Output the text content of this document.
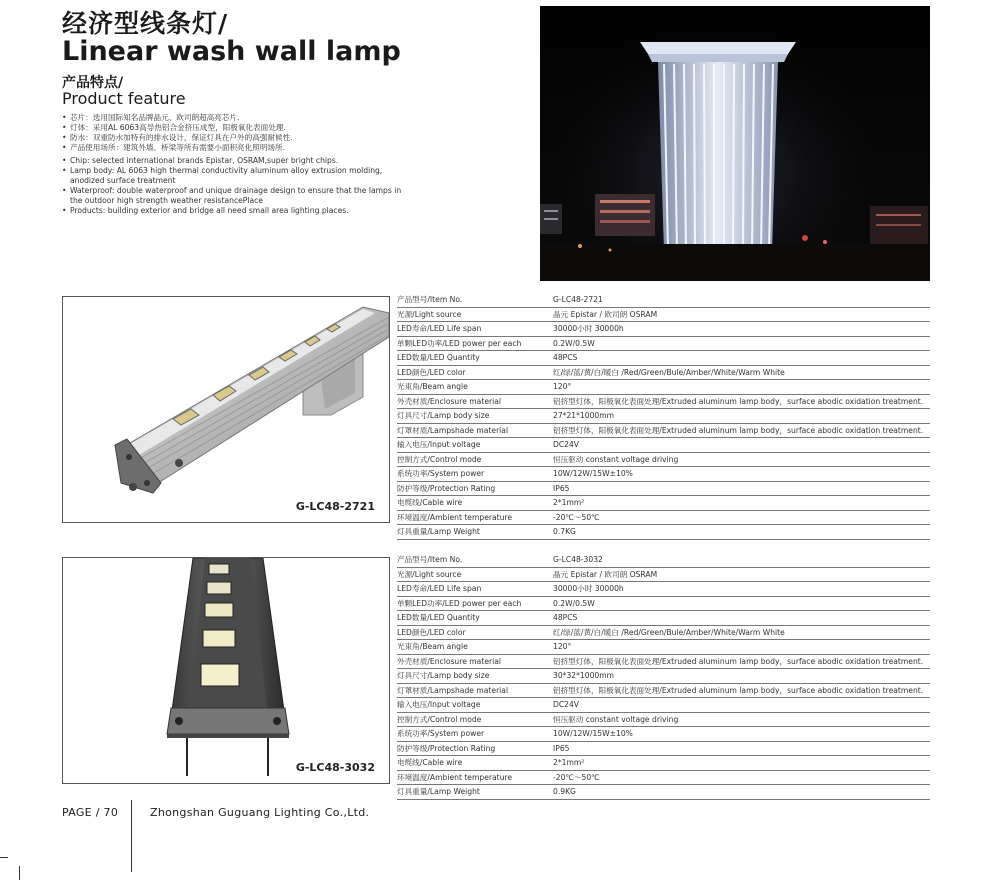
经济型线条灯/
Linear wash wall lamp
产品特点/
Product feature
• 芯片：选用国际知名品牌晶元、欧司朗超高亮芯片.
• 灯体：采用AL 6063高导热铝合金挤压成型，阳极氧化表面处理.
• 防水：双重防水加特有的排水设计，保证灯具在户外的高强耐候性.
• 产品使用场所：建筑外墙、桥梁等所有需要小面积亮化照明场所.
• Chip: selected international brands Epistar, OSRAM,super bright chips.
• Lamp body: AL 6063 high thermal conductivity aluminum alloy extrusion molding, anodized surface treatment
• Waterproof: double waterproof and unique drainage design to ensure that the lamps in the outdoor high strength weather resistancePlace
• Products: building exterior and bridge all need small area lighting places.
G-LC48-2721
产品型号/Item No.	G-LC48-2721
光源/Light source	晶元 Epistar / 欧司朗 OSRAM
LED寿命/LED Life span	30000小时 30000h
单颗LED功率/LED power per each	0.2W/0.5W
LED数量/LED Quantity	48PCS
LED颜色/LED color	红/绿/蓝/黄/白/暖白 /Red/Green/Bule/Amber/White/Warm White
光束角/Beam angle	120°
外壳材质/Enclosure material	铝挤型灯体，阳极氧化表面处理/Extruded aluminum lamp body，surface abodic oxidation treatment.
灯具尺寸/Lamp body size	27*21*1000mm
灯罩材质/Lampshade material	铝挤型灯体，阳极氧化表面处理/Extruded aluminum lamp body，surface abodic oxidation treatment.
输入电压/Input voltage	DC24V
控制方式/Control mode	恒压驱动 constant voltage driving
系统功率/System power	10W/12W/15W±10%
防护等级/Protection Rating	IP65
电缆线/Cable wire	2*1mm²
环境温度/Ambient temperature	-20℃～50℃
灯具重量/Lamp Weight	0.7KG
G-LC48-3032
产品型号/Item No.	G-LC48-3032
光源/Light source	晶元 Epistar / 欧司朗 OSRAM
LED寿命/LED Life span	30000小时 30000h
单颗LED功率/LED power per each	0.2W/0.5W
LED数量/LED Quantity	48PCS
LED颜色/LED color	红/绿/蓝/黄/白/暖白 /Red/Green/Bule/Amber/White/Warm White
光束角/Beam angle	120°
外壳材质/Enclosure material	铝挤型灯体，阳极氧化表面处理/Extruded aluminum lamp body，surface abodic oxidation treatment.
灯具尺寸/Lamp body size	30*32*1000mm
灯罩材质/Lampshade material	铝挤型灯体，阳极氧化表面处理/Extruded aluminum lamp body，surface abodic oxidation treatment.
输入电压/Input voltage	DC24V
控制方式/Control mode	恒压驱动 constant voltage driving
系统功率/System power	10W/12W/15W±10%
防护等级/Protection Rating	IP65
电缆线/Cable wire	2*1mm²
环境温度/Ambient temperature	-20℃～50℃
灯具重量/Lamp Weight	0.9KG
PAGE / 70	Zhongshan Guguang Lighting Co.,Ltd.
